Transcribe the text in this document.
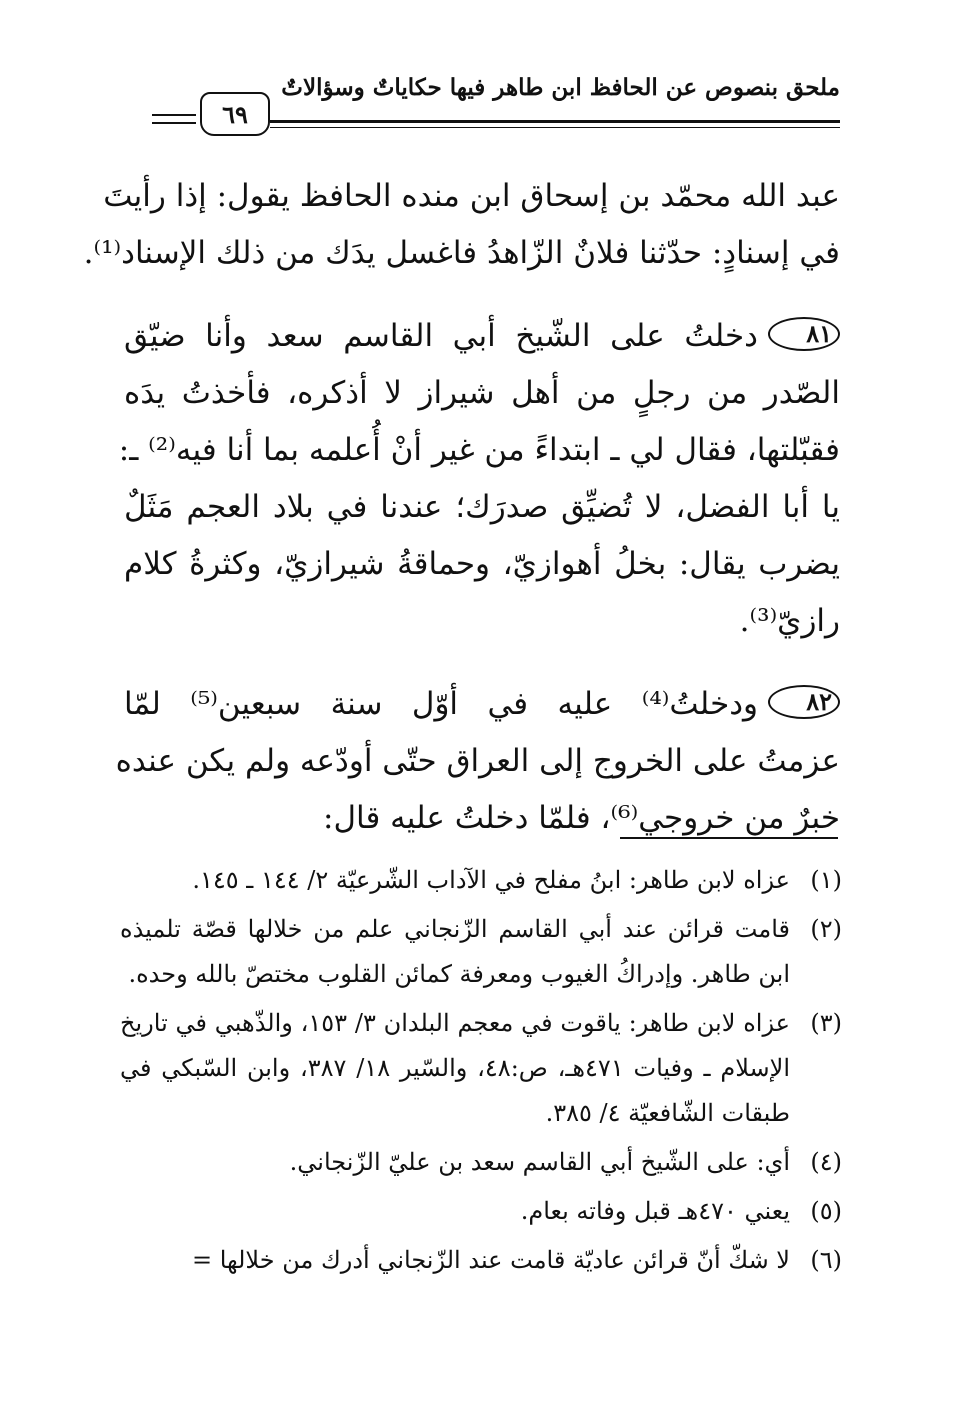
ملحق بنصوص عن الحافظ ابن طاهر فيها حكاياتٌ وسؤالاتٌ
٦٩
عبد الله محمّد بن إسحاق ابن منده الحافظ يقول: إذا رأيتَ
في إسنادٍ: حدّثنا فلانٌ الزّاهدُ فاغسل يدَك من ذلك الإسناد⁽¹⁾.
٨١دخلتُ على الشّيخ أبي القاسم سعد وأنا ضيّق
الصّدر من رجلٍ من أهل شيراز لا أذكره، فأخذتُ يدَه
فقبّلتها، فقال لي ـ ابتداءً من غير أنْ أُعلمه بما أنا فيه⁽²⁾ ـ:
يا أبا الفضل، لا تُضيِّق صدرَك؛ عندنا في بلاد العجم مَثَلٌ
يضرب يقال: بخلُ أهوازيّ، وحماقةُ شيرازيّ، وكثرةُ كلام
رازيّ⁽³⁾.
٨٢ودخلتُ⁽⁴⁾ عليه في أوّل سنة سبعين⁽⁵⁾ لمّا
عزمتُ على الخروج إلى العراق حتّى أودّعه ولم يكن عنده
خبرٌ من خروجي⁽⁶⁾، فلمّا دخلتُ عليه قال:
(١)
عزاه لابن طاهر: ابنُ مفلح في الآداب الشّرعيّة ٢/ ١٤٤ ـ ١٤٥.
(٢)
قامت قرائن عند أبي القاسم الزّنجاني علم من خلالها قصّة تلميذه ابن طاهر. وإدراكُ الغيوب ومعرفة كمائن القلوب مختصّ بالله وحده.
(٣)
عزاه لابن طاهر: ياقوت في معجم البلدان ٣/ ١٥٣، والذّهبي في تاريخ الإسلام ـ وفيات ٤٧١هـ، ص:٤٨، والسّير ١٨/ ٣٨٧، وابن السّبكي في طبقات الشّافعيّة ٤/ ٣٨٥.
(٤)
أي: على الشّيخ أبي القاسم سعد بن عليّ الزّنجاني.
(٥)
يعني ٤٧٠هـ قبل وفاته بعام.
(٦)
لا شكّ أنّ قرائن عاديّة قامت عند الزّنجاني أدرك من خلالها =
